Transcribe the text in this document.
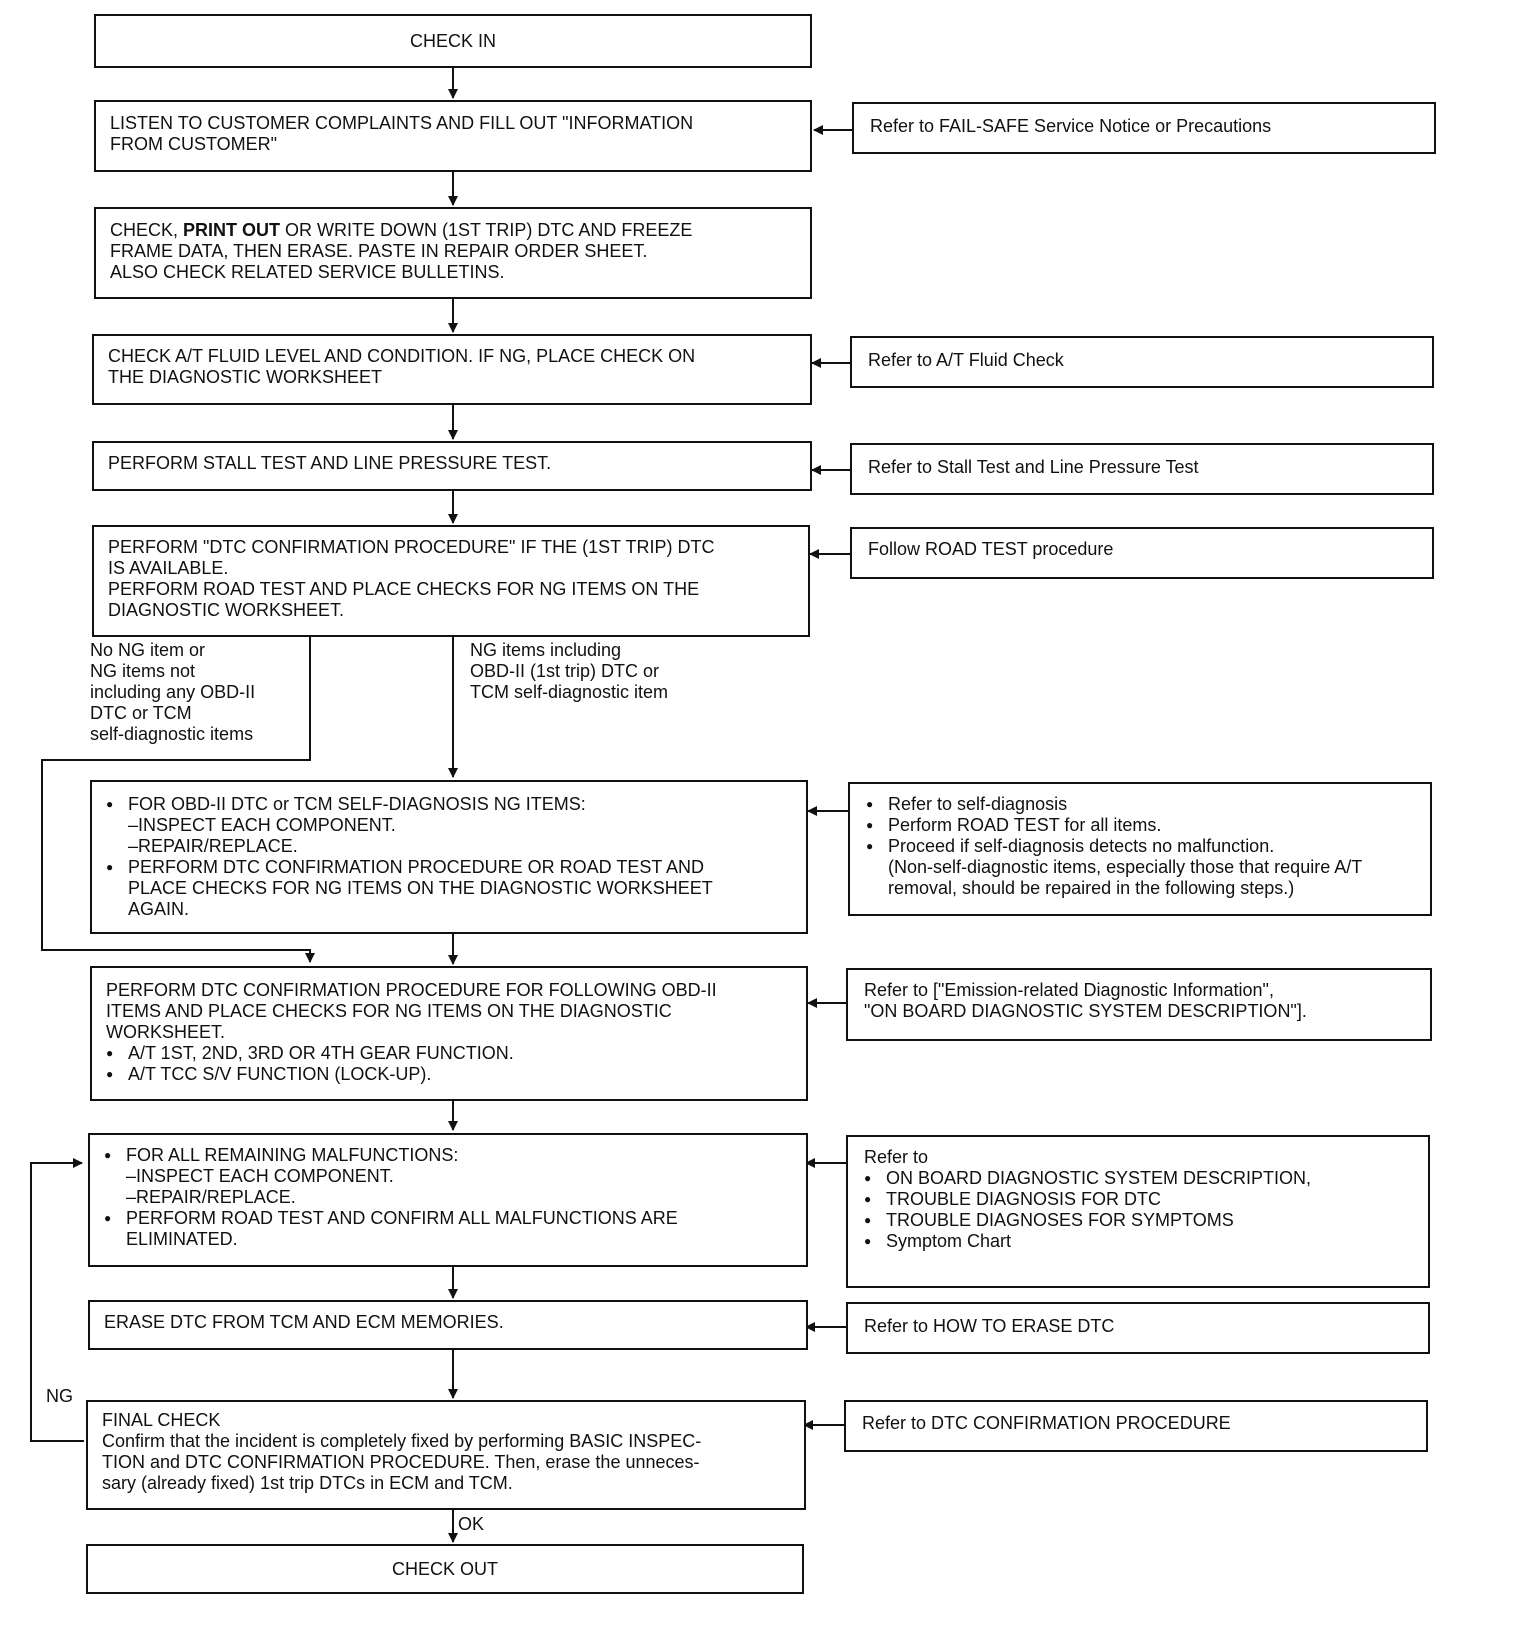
CHECK IN
LISTEN TO CUSTOMER COMPLAINTS AND FILL OUT "INFORMATION
FROM CUSTOMER"
CHECK, PRINT OUT OR WRITE DOWN (1ST TRIP) DTC AND FREEZE
FRAME DATA, THEN ERASE. PASTE IN REPAIR ORDER SHEET.
ALSO CHECK RELATED SERVICE BULLETINS.
CHECK A/T FLUID LEVEL AND CONDITION. IF NG, PLACE CHECK ON
THE DIAGNOSTIC WORKSHEET
PERFORM STALL TEST AND LINE PRESSURE TEST.
PERFORM "DTC CONFIRMATION PROCEDURE" IF THE (1ST TRIP) DTC
IS AVAILABLE.
PERFORM ROAD TEST AND PLACE CHECKS FOR NG ITEMS ON THE
DIAGNOSTIC WORKSHEET.
● FOR OBD-II DTC or TCM SELF-DIAGNOSIS NG ITEMS:
–INSPECT EACH COMPONENT.
–REPAIR/REPLACE.
● PERFORM DTC CONFIRMATION PROCEDURE OR ROAD TEST AND
PLACE CHECKS FOR NG ITEMS ON THE DIAGNOSTIC WORKSHEET
AGAIN.
PERFORM DTC CONFIRMATION PROCEDURE FOR FOLLOWING OBD-II
ITEMS AND PLACE CHECKS FOR NG ITEMS ON THE DIAGNOSTIC
WORKSHEET.
● A/T 1ST, 2ND, 3RD OR 4TH GEAR FUNCTION.
● A/T TCC S/V FUNCTION (LOCK-UP).
● FOR ALL REMAINING MALFUNCTIONS:
–INSPECT EACH COMPONENT.
–REPAIR/REPLACE.
● PERFORM ROAD TEST AND CONFIRM ALL MALFUNCTIONS ARE
ELIMINATED.
ERASE DTC FROM TCM AND ECM MEMORIES.
FINAL CHECK
Confirm that the incident is completely fixed by performing BASIC INSPEC-
TION and DTC CONFIRMATION PROCEDURE. Then, erase the unneces-
sary (already fixed) 1st trip DTCs in ECM and TCM.
CHECK OUT
Refer to FAIL-SAFE Service Notice or Precautions
Refer to A/T Fluid Check
Refer to Stall Test and Line Pressure Test
Follow ROAD TEST procedure
● Refer to self-diagnosis
● Perform ROAD TEST for all items.
● Proceed if self-diagnosis detects no malfunction.
(Non-self-diagnostic items, especially those that require A/T
removal, should be repaired in the following steps.)
Refer to ["Emission-related Diagnostic Information",
"ON BOARD DIAGNOSTIC SYSTEM DESCRIPTION"].
Refer to
● ON BOARD DIAGNOSTIC SYSTEM DESCRIPTION,
● TROUBLE DIAGNOSIS FOR DTC
● TROUBLE DIAGNOSES FOR SYMPTOMS
● Symptom Chart
Refer to HOW TO ERASE DTC
Refer to DTC CONFIRMATION PROCEDURE
No NG item or
NG items not
including any OBD-II
DTC or TCM
self-diagnostic items
NG items including
OBD-II (1st trip) DTC or
TCM self-diagnostic item
NG
OK
